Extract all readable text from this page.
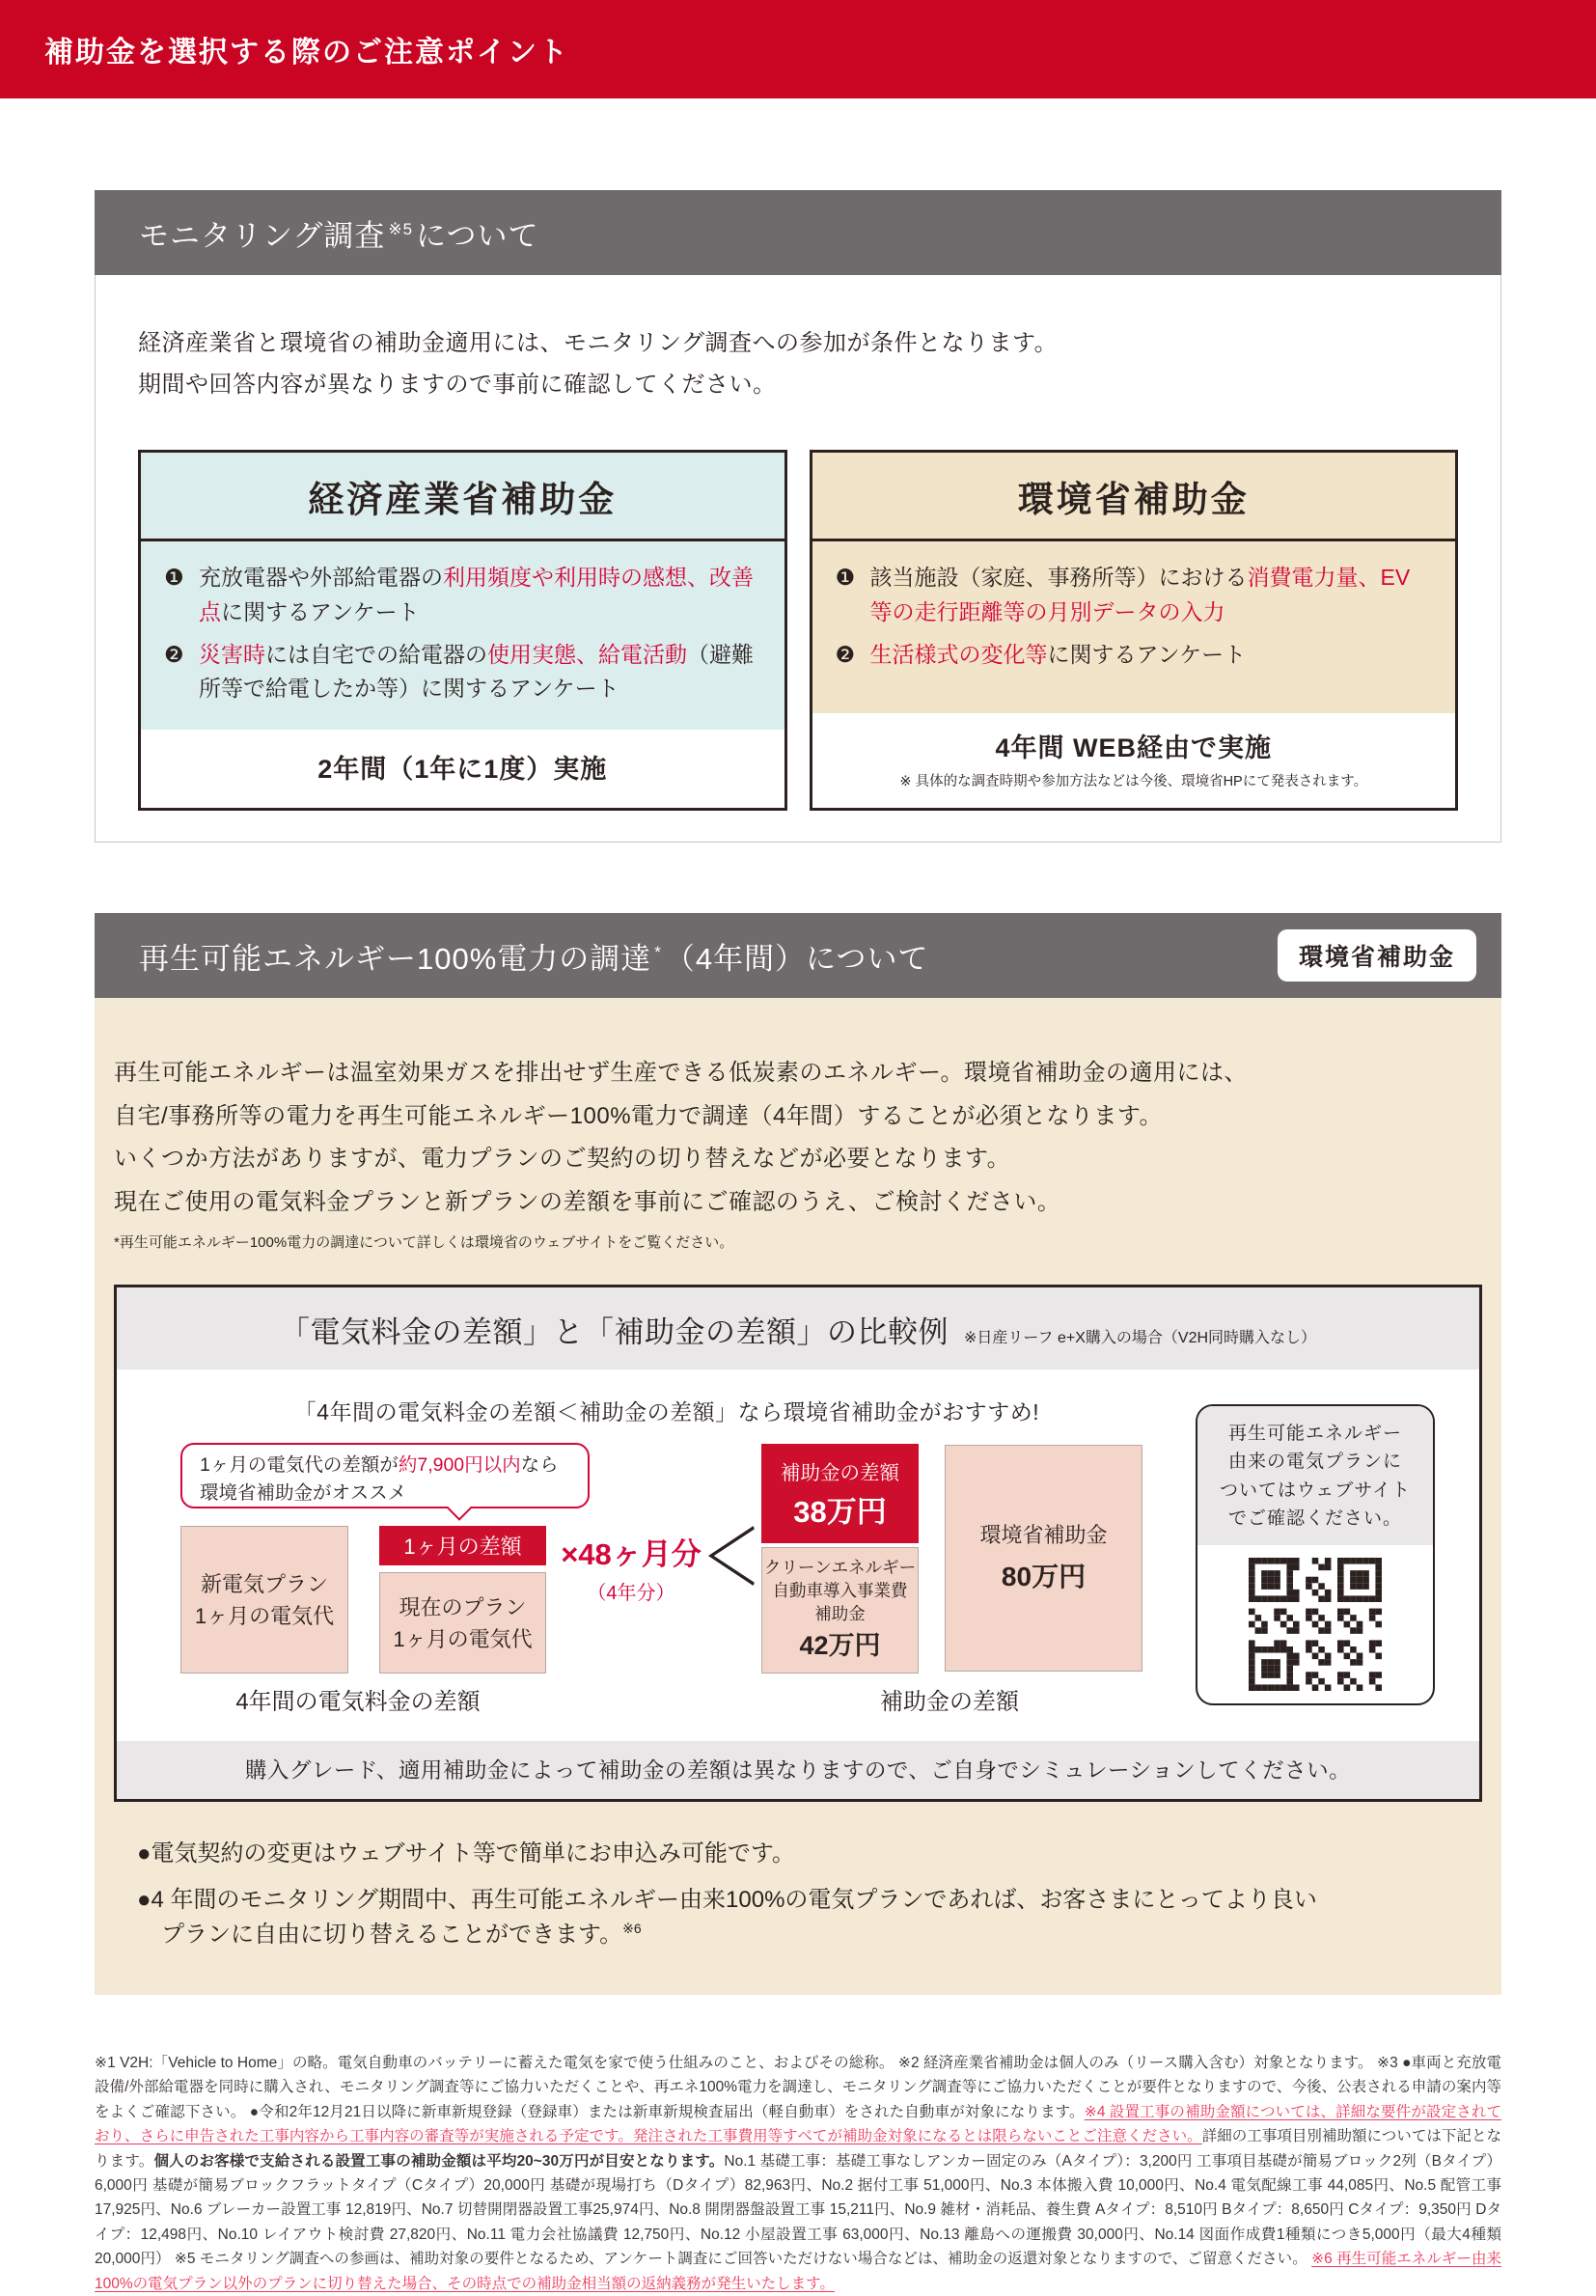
補助金を選択する際のご注意ポイント
モニタリング調査 $^{※5}$について

経済産業省と環境省の補助金適用には、モニタリング調査への参加が条件となります。

期間や回答内容が異なりますので事前に確認してください。

経済産業省補助金
❶ 充放電器や外部給電器の利用頻度や利用時の感想、改善点に関するアンケート
❷ 災害時には自宅での給電器の使用実態、給電活動（避難所等で給電したか等）に関するアンケート
2年間（1年に1度）実施
環境省補助金
❶ 該当施設（家庭、事務所等）における消費電力量、EV 等の走行距離等の月別データの入力
❷ 生活様式の変化等に関するアンケート
4年間 WEB経由で実施
※ 具体的な調査時期や参加方法などは今後、環境省HPにて発表されます。
再生可能エネルギー100%電力の調達 *（4年間）について	環境省補助金

再生可能エネルギーは温室効果ガスを排出せず生産できる低炭素のエネルギー。環境省補助金の適用には、

自宅/事務所等の電力を再生可能エネルギー100%電力で調達（4年間）することが必須となります。

いくつか方法がありますが、電力プランのご契約の切り替えなどが必要となります。

現在ご使用の電気料金プランと新プランの差額を事前にご確認のうえ、ご検討ください。

*再生可能エネルギー100%電力の調達について詳しくは環境省のウェブサイトをご覧ください。
「電気料金の差額」と「補助金の差額」の比較例 ※日産リーフ e+X購入の場合（V2H同時購入なし）
「4年間の電気料金の差額＜補助金の差額」なら環境省補助金がおすすめ!
1ヶ月の電気代の差額が約7,900円以内なら
環境省補助金がオススメ
新電気プラン
1ヶ月の電気代
1ヶ月の差額
現在のプラン
1ヶ月の電気代
4年間の電気料金の差額
×48ヶ月分
（4年分） ＜
補助金の差額
38万円
クリーンエネルギー
自動車導入事業費
補助金
42万円
環境省補助金
80万円
補助金の差額
再生可能エネルギー
由来の電気プランに
ついてはウェブサイト
でご確認ください。
購入グレード、適用補助金によって補助金の差額は異なりますので、ご自身でシミュレーションしてください。
●電気契約の変更はウェブサイト等で簡単にお申込み可能です。
●4 年間のモニタリング期間中、再生可能エネルギー由来100%の電気プランであれば、お客さまにとってより良い
プランに自由に切り替えることができます。$^{※6}$
※1 V2H:「Vehicle to Home」の略。電気自動車のバッテリーに蓄えた電気を家で使う仕組みのこと、およびその総称。 ※2 経済産業省補助金は個人のみ（リース購入含む）対象となります。 ※3 ●車両と充放電設備/外部給電器を同時に購入され、モニタリング調査等にご協力いただくことや、再エネ100%電力を調達し、モニタリング調査等にご協力いただくことが要件となりますので、今後、公表される申請の案内等をよくご確認下さい。 ●令和2年12月21日以降に新車新規登録（登録車）または新車新規検査届出（軽自動車）をされた自動車が対象になります。※4 設置工事の補助金額については、詳細な要件が設定されており、さらに申告された工事内容から工事内容の審査等が実施される予定です。発注された工事費用等すべてが補助金対象になるとは限らないことご注意ください。詳細の工事項目別補助額については下記となります。個人のお客様で支給される設置工事の補助金額は平均20~30万円が目安となります。No.1 基礎工事：基礎工事なしアンカー固定のみ（Aタイプ）：3,200円 工事項目基礎が簡易ブロック2列（Bタイプ）6,000円 基礎が簡易ブロックフラットタイプ（Cタイプ）20,000円 基礎が現場打ち（Dタイプ）82,963円、No.2 据付工事 51,000円、No.3 本体搬入費 10,000円、No.4 電気配線工事 44,085円、No.5 配管工事 17,925円、No.6 ブレーカー設置工事 12,819円、No.7 切替開閉器設置工事25,974円、No.8 開閉器盤設置工事 15,211円、No.9 雑材・消耗品、養生費 Aタイプ：8,510円 Bタイプ：8,650円 Cタイプ：9,350円 Dタイプ：12,498円、No.10 レイアウト検討費 27,820円、No.11 電力会社協議費 12,750円、No.12 小屋設置工事 63,000円、No.13 離島への運搬費 30,000円、No.14 図面作成費1種類につき5,000円（最大4種類20,000円） ※5 モニタリング調査への参画は、補助対象の要件となるため、アンケート調査にご回答いただけない場合などは、補助金の返還対象となりますので、ご留意ください。 ※6 再生可能エネルギー由来100%の電気プラン以外のプランに切り替えた場合、その時点での補助金相当額の返納義務が発生いたします。
